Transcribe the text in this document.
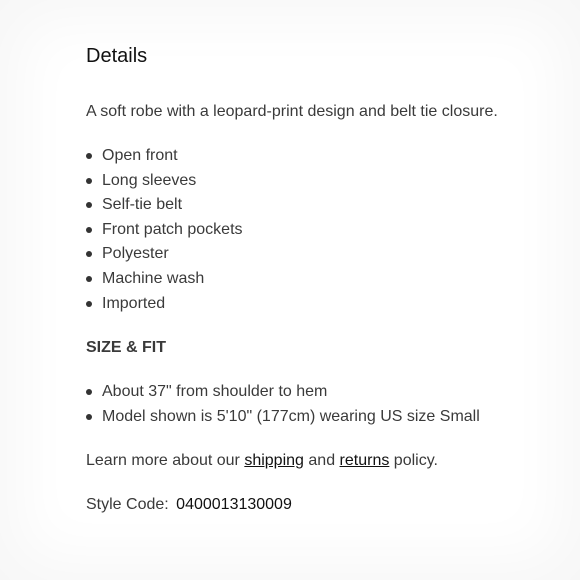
Details

A soft robe with a leopard-print design and belt tie closure.

Open front
Long sleeves
Self-tie belt
Front patch pockets
Polyester
Machine wash
Imported

SIZE & FIT

About 37" from shoulder to hem
Model shown is 5'10" (177cm) wearing US size Small

Learn more about our shipping and returns policy.

Style Code: 0400013130009
